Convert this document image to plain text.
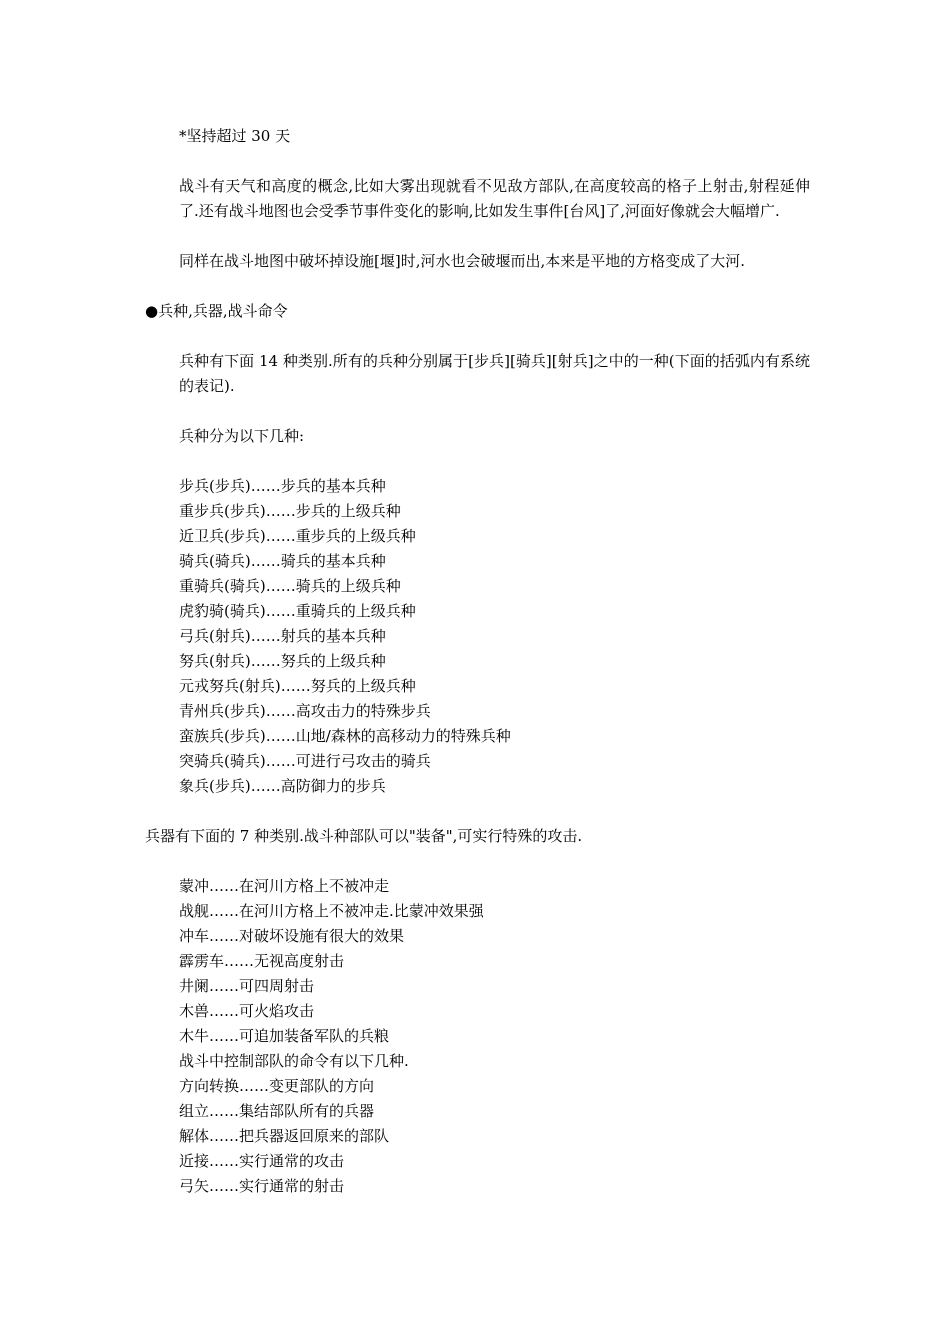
*坚持超过 30 天

战斗有天气和高度的概念,比如大雾出现就看不见敌方部队,在高度较高的格子上射击,射程延伸了.还有战斗地图也会受季节事件变化的影响,比如发生事件[台风]了,河面好像就会大幅增广.

同样在战斗地图中破坏掉设施[堰]时,河水也会破堰而出,本来是平地的方格变成了大河.

●兵种,兵器,战斗命令

兵种有下面 14 种类别.所有的兵种分别属于[步兵][骑兵][射兵]之中的一种(下面的括弧内有系统的表记).

兵种分为以下几种:

步兵(步兵)……步兵的基本兵种

重步兵(步兵)……步兵的上级兵种

近卫兵(步兵)……重步兵的上级兵种

骑兵(骑兵)……骑兵的基本兵种

重骑兵(骑兵)……骑兵的上级兵种

虎豹骑(骑兵)……重骑兵的上级兵种

弓兵(射兵)……射兵的基本兵种

努兵(射兵)……努兵的上级兵种

元戎努兵(射兵)……努兵的上级兵种

青州兵(步兵)……高攻击力的特殊步兵

蛮族兵(步兵)……山地/森林的高移动力的特殊兵种

突骑兵(骑兵)……可进行弓攻击的骑兵

象兵(步兵)……高防御力的步兵

兵器有下面的 7 种类别.战斗种部队可以"装备",可实行特殊的攻击.

蒙冲……在河川方格上不被冲走

战舰……在河川方格上不被冲走.比蒙冲效果强

冲车……对破坏设施有很大的效果

霹雳车……无视高度射击

井阑……可四周射击

木兽……可火焰攻击

木牛……可追加装备军队的兵粮

战斗中控制部队的命令有以下几种.

方向转换……变更部队的方向

组立……集结部队所有的兵器

解体……把兵器返回原来的部队

近接……实行通常的攻击

弓矢……实行通常的射击
